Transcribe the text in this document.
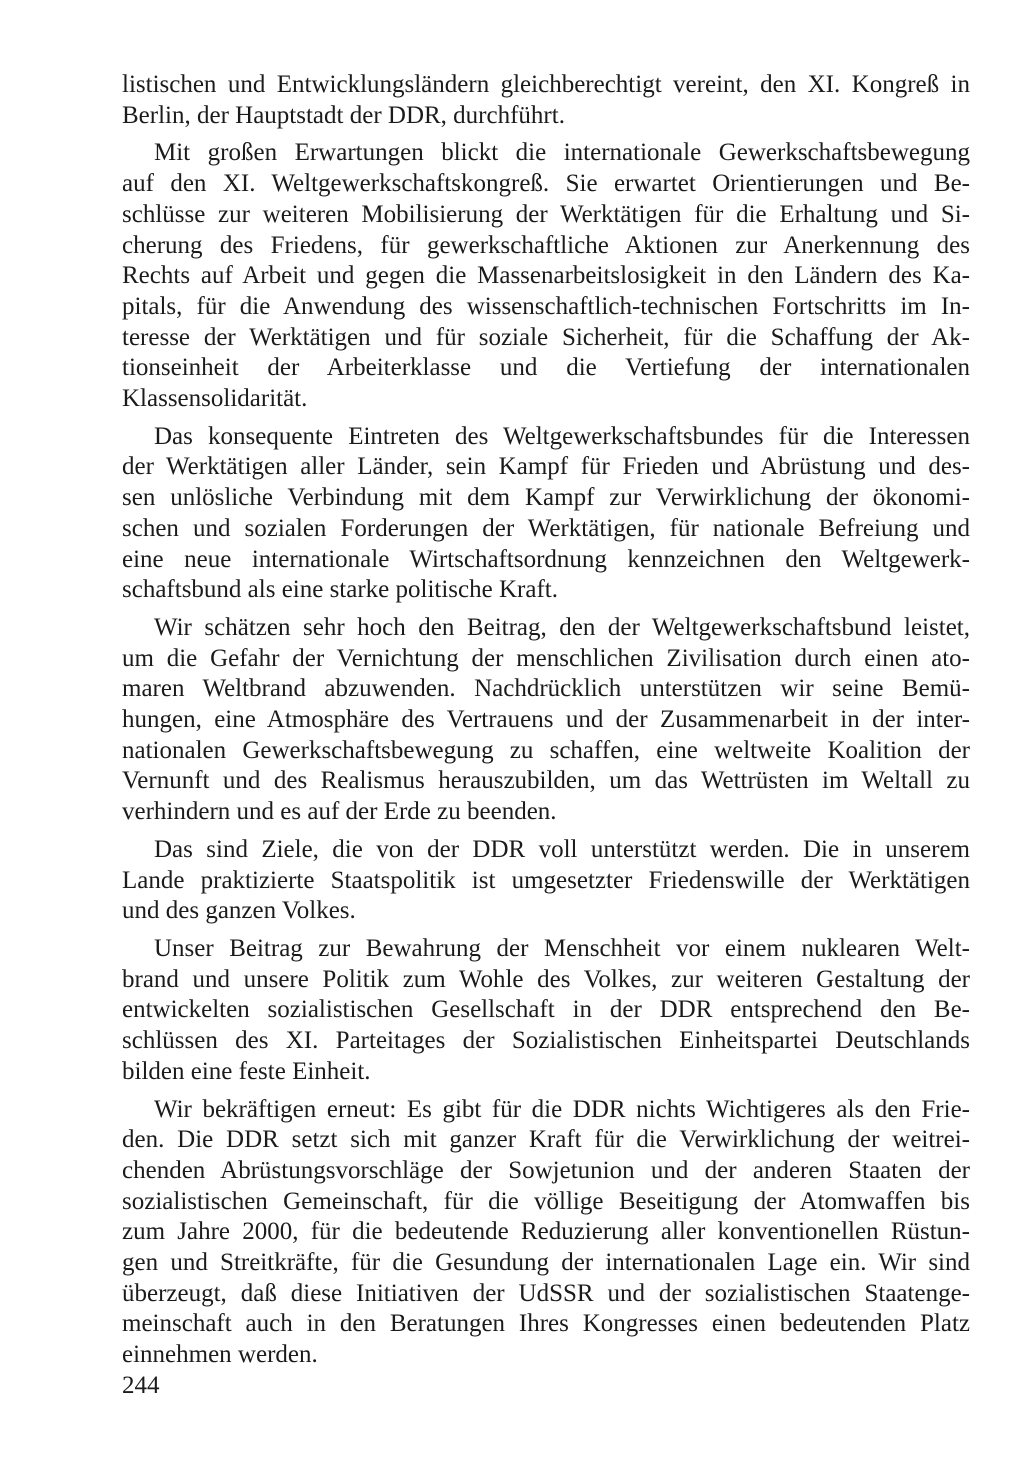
listischen und Entwicklungsländern gleichberechtigt vereint, den XI. Kongreß in
Berlin, der Hauptstadt der DDR, durchführt.
Mit großen Erwartungen blickt die internationale Gewerkschaftsbewegung
auf den XI. Weltgewerkschaftskongreß. Sie erwartet Orientierungen und Be-
schlüsse zur weiteren Mobilisierung der Werktätigen für die Erhaltung und Si-
cherung des Friedens, für gewerkschaftliche Aktionen zur Anerkennung des
Rechts auf Arbeit und gegen die Massenarbeitslosigkeit in den Ländern des Ka-
pitals, für die Anwendung des wissenschaftlich-technischen Fortschritts im In-
teresse der Werktätigen und für soziale Sicherheit, für die Schaffung der Ak-
tionseinheit der Arbeiterklasse und die Vertiefung der internationalen
Klassensolidarität.
Das konsequente Eintreten des Weltgewerkschaftsbundes für die Interessen
der Werktätigen aller Länder, sein Kampf für Frieden und Abrüstung und des-
sen unlösliche Verbindung mit dem Kampf zur Verwirklichung der ökonomi-
schen und sozialen Forderungen der Werktätigen, für nationale Befreiung und
eine neue internationale Wirtschaftsordnung kennzeichnen den Weltgewerk-
schaftsbund als eine starke politische Kraft.
Wir schätzen sehr hoch den Beitrag, den der Weltgewerkschaftsbund leistet,
um die Gefahr der Vernichtung der menschlichen Zivilisation durch einen ato-
maren Weltbrand abzuwenden. Nachdrücklich unterstützen wir seine Bemü-
hungen, eine Atmosphäre des Vertrauens und der Zusammenarbeit in der inter-
nationalen Gewerkschaftsbewegung zu schaffen, eine weltweite Koalition der
Vernunft und des Realismus herauszubilden, um das Wettrüsten im Weltall zu
verhindern und es auf der Erde zu beenden.
Das sind Ziele, die von der DDR voll unterstützt werden. Die in unserem
Lande praktizierte Staatspolitik ist umgesetzter Friedenswille der Werktätigen
und des ganzen Volkes.
Unser Beitrag zur Bewahrung der Menschheit vor einem nuklearen Welt-
brand und unsere Politik zum Wohle des Volkes, zur weiteren Gestaltung der
entwickelten sozialistischen Gesellschaft in der DDR entsprechend den Be-
schlüssen des XI. Parteitages der Sozialistischen Einheitspartei Deutschlands
bilden eine feste Einheit.
Wir bekräftigen erneut: Es gibt für die DDR nichts Wichtigeres als den Frie-
den. Die DDR setzt sich mit ganzer Kraft für die Verwirklichung der weitrei-
chenden Abrüstungsvorschläge der Sowjetunion und der anderen Staaten der
sozialistischen Gemeinschaft, für die völlige Beseitigung der Atomwaffen bis
zum Jahre 2000, für die bedeutende Reduzierung aller konventionellen Rüstun-
gen und Streitkräfte, für die Gesundung der internationalen Lage ein. Wir sind
überzeugt, daß diese Initiativen der UdSSR und der sozialistischen Staatenge-
meinschaft auch in den Beratungen Ihres Kongresses einen bedeutenden Platz
einnehmen werden.
244
